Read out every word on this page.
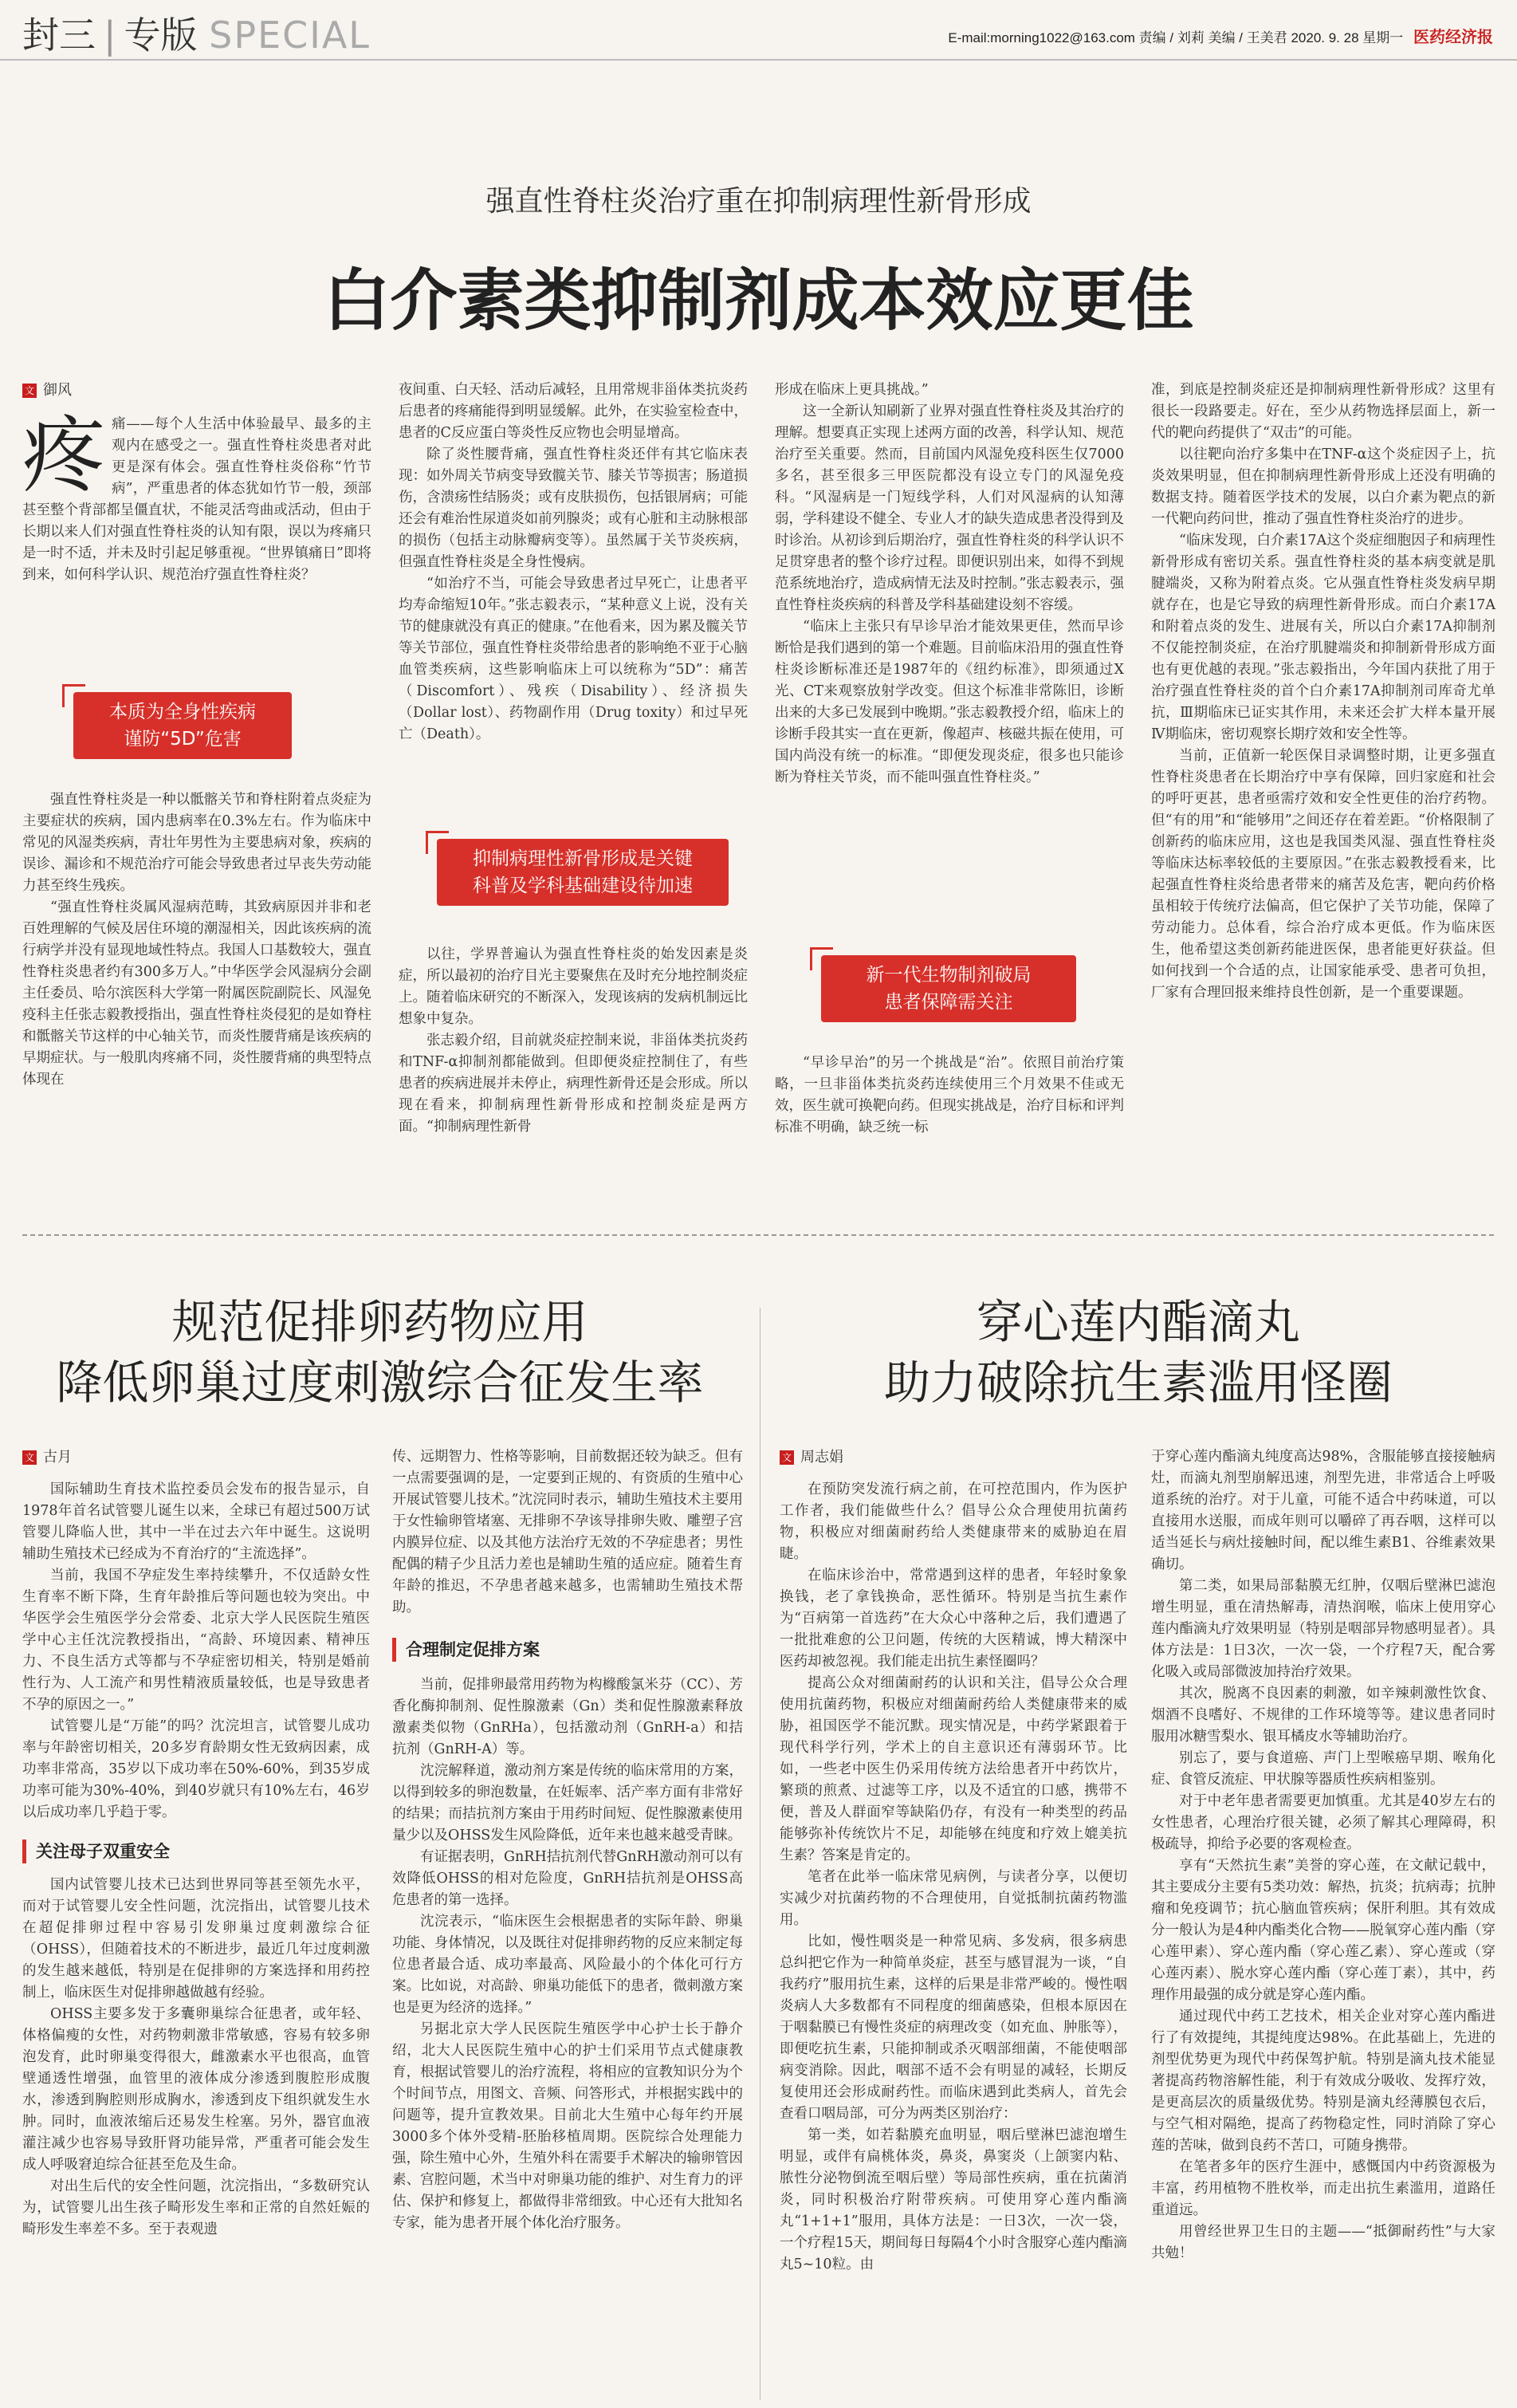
封三 | 专版 SPECIAL	E-mail:morning1022@163.com 责编 / 刘莉 美编 / 王美君 2020. 9. 28 星期一 医药经济报
强直性脊柱炎治疗重在抑制病理性新骨形成
白介素类抑制剂成本效应更佳
文 御风
疼 痛——每个人生活中体验最早、最多的主观内在感受之一。强直性脊柱炎患者对此更是深有体会。强直性脊柱炎俗称“竹节病”，严重患者的体态犹如竹节一般，颈部甚至整个背部都呈僵直状，不能灵活弯曲或活动，但由于长期以来人们对强直性脊柱炎的认知有限，误以为疼痛只是一时不适，并未及时引起足够重视。“世界镇痛日”即将到来，如何科学认识、规范治疗强直性脊柱炎？
本质为全身性疾病
谨防“5D”危害

强直性脊柱炎是一种以骶髂关节和脊柱附着点炎症为主要症状的疾病，国内患病率在0.3%左右。作为临床中常见的风湿类疾病，青壮年男性为主要患病对象，疾病的误诊、漏诊和不规范治疗可能会导致患者过早丧失劳动能力甚至终生残疾。

“强直性脊柱炎属风湿病范畴，其致病原因并非和老百姓理解的气候及居住环境的潮湿相关，因此该疾病的流行病学并没有显现地域性特点。我国人口基数较大，强直性脊柱炎患者约有300多万人。”中华医学会风湿病分会副主任委员、哈尔滨医科大学第一附属医院副院长、风湿免疫科主任张志毅教授指出，强直性脊柱炎侵犯的是如脊柱和骶髂关节这样的中心轴关节，而炎性腰背痛是该疾病的早期症状。与一般肌肉疼痛不同，炎性腰背痛的典型特点体现在

夜间重、白天轻、活动后减轻，且用常规非甾体类抗炎药后患者的疼痛能得到明显缓解。此外，在实验室检查中，患者的C反应蛋白等炎性反应物也会明显增高。

除了炎性腰背痛，强直性脊柱炎还伴有其它临床表现：如外周关节病变导致髋关节、膝关节等损害；肠道损伤，含溃疡性结肠炎；或有皮肤损伤，包括银屑病；可能还会有难治性尿道炎如前列腺炎；或有心脏和主动脉根部的损伤（包括主动脉瓣病变等）。虽然属于关节炎疾病，但强直性脊柱炎是全身性慢病。

“如治疗不当，可能会导致患者过早死亡，让患者平均寿命缩短10年。”张志毅表示，“某种意义上说，没有关节的健康就没有真正的健康。”在他看来，因为累及髋关节等关节部位，强直性脊柱炎带给患者的影响绝不亚于心脑血管类疾病，这些影响临床上可以统称为“5D”：痛苦（Discomfort）、残疾（Disability）、经济损失（Dollar lost）、药物副作用（Drug toxity）和过早死亡（Death）。

抑制病理性新骨形成是关键
科普及学科基础建设待加速

以往，学界普遍认为强直性脊柱炎的始发因素是炎症，所以最初的治疗目光主要聚焦在及时充分地控制炎症上。随着临床研究的不断深入，发现该病的发病机制远比想象中复杂。

张志毅介绍，目前就炎症控制来说，非甾体类抗炎药和TNF-α抑制剂都能做到。但即便炎症控制住了，有些患者的疾病进展并未停止，病理性新骨还是会形成。所以现在看来，抑制病理性新骨形成和控制炎症是两方面。“抑制病理性新骨

形成在临床上更具挑战。”

这一全新认知刷新了业界对强直性脊柱炎及其治疗的理解。想要真正实现上述两方面的改善，科学认知、规范治疗至关重要。然而，目前国内风湿免疫科医生仅7000多名，甚至很多三甲医院都没有设立专门的风湿免疫科。“风湿病是一门短线学科，人们对风湿病的认知薄弱，学科建设不健全、专业人才的缺失造成患者没得到及时诊治。从初诊到后期治疗，强直性脊柱炎的科学认识不足贯穿患者的整个诊疗过程。即便识别出来，如得不到规范系统地治疗，造成病情无法及时控制。”张志毅表示，强直性脊柱炎疾病的科普及学科基础建设刻不容缓。

“临床上主张只有早诊早治才能效果更佳，然而早诊断恰是我们遇到的第一个难题。目前临床沿用的强直性脊柱炎诊断标准还是1987年的《纽约标准》，即须通过X光、CT来观察放射学改变。但这个标准非常陈旧，诊断出来的大多已发展到中晚期。”张志毅教授介绍，临床上的诊断手段其实一直在更新，像超声、核磁共振在使用，可国内尚没有统一的标准。“即便发现炎症，很多也只能诊断为脊柱关节炎，而不能叫强直性脊柱炎。”

新一代生物制剂破局
患者保障需关注

“早诊早治”的另一个挑战是“治”。依照目前治疗策略，一旦非甾体类抗炎药连续使用三个月效果不佳或无效，医生就可换靶向药。但现实挑战是，治疗目标和评判标准不明确，缺乏统一标

准，到底是控制炎症还是抑制病理性新骨形成？这里有很长一段路要走。好在，至少从药物选择层面上，新一代的靶向药提供了“双击”的可能。

以往靶向治疗多集中在TNF-α这个炎症因子上，抗炎效果明显，但在抑制病理性新骨形成上还没有明确的数据支持。随着医学技术的发展，以白介素为靶点的新一代靶向药问世，推动了强直性脊柱炎治疗的进步。

“临床发现，白介素17A这个炎症细胞因子和病理性新骨形成有密切关系。强直性脊柱炎的基本病变就是肌腱端炎，又称为附着点炎。它从强直性脊柱炎发病早期就存在，也是它导致的病理性新骨形成。而白介素17A和附着点炎的发生、进展有关，所以白介素17A抑制剂不仅能控制炎症，在治疗肌腱端炎和抑制新骨形成方面也有更优越的表现。”张志毅指出，今年国内获批了用于治疗强直性脊柱炎的首个白介素17A抑制剂司库奇尤单抗，Ⅲ期临床已证实其作用，未来还会扩大样本量开展Ⅳ期临床，密切观察长期疗效和安全性等。

当前，正值新一轮医保目录调整时期，让更多强直性脊柱炎患者在长期治疗中享有保障，回归家庭和社会的呼吁更甚，患者亟需疗效和安全性更佳的治疗药物。但“有的用”和“能够用”之间还存在着差距。“价格限制了创新药的临床应用，这也是我国类风湿、强直性脊柱炎等临床达标率较低的主要原因。”在张志毅教授看来，比起强直性脊柱炎给患者带来的痛苦及危害，靶向药价格虽相较于传统疗法偏高，但它保护了关节功能，保障了劳动能力。总体看，综合治疗成本更低。作为临床医生，他希望这类创新药能进医保，患者能更好获益。但如何找到一个合适的点，让国家能承受、患者可负担，厂家有合理回报来维持良性创新，是一个重要课题。

规范促排卵药物应用
降低卵巢过度刺激综合征发生率
文 古月

国际辅助生育技术监控委员会发布的报告显示，自1978年首名试管婴儿诞生以来，全球已有超过500万试管婴儿降临人世，其中一半在过去六年中诞生。这说明辅助生殖技术已经成为不育治疗的“主流选择”。

当前，我国不孕症发生率持续攀升，不仅适龄女性生育率不断下降，生育年龄推后等问题也较为突出。中华医学会生殖医学分会常委、北京大学人民医院生殖医学中心主任沈浣教授指出，“高龄、环境因素、精神压力、不良生活方式等都与不孕症密切相关，特别是婚前性行为、人工流产和男性精液质量较低，也是导致患者不孕的原因之一。”

试管婴儿是“万能”的吗？沈浣坦言，试管婴儿成功率与年龄密切相关，20多岁育龄期女性无致病因素，成功率非常高，35岁以下成功率在50%-60%，到35岁成功率可能为30%-40%，到40岁就只有10%左右，46岁以后成功率几乎趋于零。

关注母子双重安全

国内试管婴儿技术已达到世界同等甚至领先水平，而对于试管婴儿安全性问题，沈浣指出，试管婴儿技术在超促排卵过程中容易引发卵巢过度刺激综合征（OHSS），但随着技术的不断进步，最近几年过度刺激的发生越来越低，特别是在促排卵的方案选择和用药控制上，临床医生对促排卵越做越有经验。

OHSS主要多发于多囊卵巢综合征患者，或年轻、体格偏瘦的女性，对药物刺激非常敏感，容易有较多卵泡发育，此时卵巢变得很大，雌激素水平也很高，血管壁通透性增强，血管里的液体成分渗透到腹腔形成腹水，渗透到胸腔则形成胸水，渗透到皮下组织就发生水肿。同时，血液浓缩后还易发生栓塞。另外，器官血液灌注减少也容易导致肝肾功能异常，严重者可能会发生成人呼吸窘迫综合征甚至危及生命。

对出生后代的安全性问题，沈浣指出，“多数研究认为，试管婴儿出生孩子畸形发生率和正常的自然妊娠的畸形发生率差不多。至于表观遗

传、远期智力、性格等影响，目前数据还较为缺乏。但有一点需要强调的是，一定要到正规的、有资质的生殖中心开展试管婴儿技术。”沈浣同时表示，辅助生殖技术主要用于女性输卵管堵塞、无排卵不孕该导排卵失败、雕塑子宫内膜异位症、以及其他方法治疗无效的不孕症患者；男性配偶的精子少且活力差也是辅助生殖的适应症。随着生育年龄的推迟，不孕患者越来越多，也需辅助生殖技术帮助。

合理制定促排方案

当前，促排卵最常用药物为构橼酸氯米芬（CC）、芳香化酶抑制剂、促性腺激素（Gn）类和促性腺激素释放激素类似物（GnRHa），包括激动剂（GnRH-a）和拮抗剂（GnRH-A）等。

沈浣解释道，激动剂方案是传统的临床常用的方案，以得到较多的卵泡数量，在妊娠率、活产率方面有非常好的结果；而拮抗剂方案由于用药时间短、促性腺激素使用量少以及OHSS发生风险降低，近年来也越来越受青睐。

有证据表明，GnRH拮抗剂代替GnRH激动剂可以有效降低OHSS的相对危险度，GnRH拮抗剂是OHSS高危患者的第一选择。

沈浣表示，“临床医生会根据患者的实际年龄、卵巢功能、身体情况，以及既往对促排卵药物的反应来制定每位患者最合适、成功率最高、风险最小的个体化可行方案。比如说，对高龄、卵巢功能低下的患者，微刺激方案也是更为经济的选择。”

另据北京大学人民医院生殖医学中心护士长于静介绍，北大人民医院生殖中心的护士们采用节点式健康教育，根据试管婴儿的治疗流程，将相应的宣教知识分为个个时间节点，用图文、音频、问答形式，并根据实践中的问题等，提升宣教效果。目前北大生殖中心每年约开展3000多个体外受精-胚胎移植周期。医院综合处理能力强，除生殖中心外，生殖外科在需要手术解决的输卵管因素、宫腔问题，术当中对卵巢功能的维护、对生育力的评估、保护和修复上，都做得非常细致。中心还有大批知名专家，能为患者开展个体化治疗服务。

穿心莲内酯滴丸
助力破除抗生素滥用怪圈
文 周志娟

在预防突发流行病之前，在可控范围内，作为医护工作者，我们能做些什么？倡导公众合理使用抗菌药物，积极应对细菌耐药给人类健康带来的威胁迫在眉睫。

在临床诊治中，常常遇到这样的患者，年轻时象象换钱，老了拿钱换命，恶性循环。特别是当抗生素作为“百病第一首选药”在大众心中落种之后，我们遭遇了一批批难愈的公卫问题，传统的大医精诚，博大精深中医药却被忽视。我们能走出抗生素怪圈吗？

提高公众对细菌耐药的认识和关注，倡导公众合理使用抗菌药物，积极应对细菌耐药给人类健康带来的威胁，祖国医学不能沉默。现实情况是，中药学紧跟着于现代科学行列，学术上的自主意识还有薄弱环节。比如，一些老中医生仍采用传统方法给患者开中药饮片，繁琐的煎煮、过滤等工序，以及不适宜的口感，携带不便，普及人群面窄等缺陷仍存，有没有一种类型的药品能够弥补传统饮片不足，却能够在纯度和疗效上媲美抗生素？答案是肯定的。

笔者在此举一临床常见病例，与读者分享，以便切实减少对抗菌药物的不合理使用，自觉抵制抗菌药物滥用。

比如，慢性咽炎是一种常见病、多发病，很多病患总纠把它作为一种简单炎症，甚至与感冒混为一谈，“自我药疗”服用抗生素，这样的后果是非常严峻的。慢性咽炎病人大多数都有不同程度的细菌感染，但根本原因在于咽黏膜已有慢性炎症的病理改变（如充血、肿胀等），即便吃抗生素，只能抑制或杀灭咽部细菌，不能使咽部病变消除。因此，咽部不适不会有明显的减轻，长期反复使用还会形成耐药性。而临床遇到此类病人，首先会查看口咽局部，可分为两类区别治疗：

第一类，如若黏膜充血明显，咽后壁淋巴滤泡增生明显，或伴有扁桃体炎，鼻炎，鼻窦炎（上颌窦内粘、脓性分泌物倒流至咽后壁）等局部性疾病，重在抗菌消炎，同时积极治疗附带疾病。可使用穿心莲内酯滴丸“1+1+1”服用，具体方法是：一日3次，一次一袋，一个疗程15天，期间每日每隔4个小时含服穿心莲内酯滴丸5~10粒。由

于穿心莲内酯滴丸纯度高达98%，含服能够直接接触病灶，而滴丸剂型崩解迅速，剂型先进，非常适合上呼吸道系统的治疗。对于儿童，可能不适合中药味道，可以直接用水送服，而成年则可以嚼碎了再吞咽，这样可以适当延长与病灶接触时间，配以维生素B1、谷维素效果确切。

第二类，如果局部黏膜无红肿，仅咽后壁淋巴滤泡增生明显，重在清热解毒，清热润喉，临床上使用穿心莲内酯滴丸疗效果明显（特别是咽部异物感明显者）。具体方法是：1日3次，一次一袋，一个疗程7天，配合雾化吸入或局部微波加持治疗效果。

其次，脱离不良因素的刺激，如辛辣刺激性饮食、烟酒不良嗜好、不规律的工作环境等等。建议患者同时服用冰糖雪梨水、银耳橘皮水等辅助治疗。

别忘了，要与食道癌、声门上型喉癌早期、喉角化症、食管反流症、甲状腺等器质性疾病相鉴别。

对于中老年患者需要更加慎重。尤其是40岁左右的女性患者，心理治疗很关键，必须了解其心理障碍，积极疏导，抑给予必要的客观检查。

享有“天然抗生素”美誉的穿心莲，在文献记载中，其主要成分主要有5类功效：解热，抗炎；抗病毒；抗肿瘤和免疫调节；抗心脑血管疾病；保肝利胆。其有效成分一般认为是4种内酯类化合物——脱氧穿心莲内酯（穿心莲甲素）、穿心莲内酯（穿心莲乙素）、穿心莲或（穿心莲丙素）、脱水穿心莲内酯（穿心莲丁素），其中，药理作用最强的成分就是穿心莲内酯。

通过现代中药工艺技术，相关企业对穿心莲内酯进行了有效提纯，其提纯度达98%。在此基础上，先进的剂型优势更为现代中药保驾护航。特别是滴丸技术能显著提高药物溶解性能，利于有效成分吸收、发挥疗效，是更高层次的质量级优势。特别是滴丸经薄膜包衣后，与空气相对隔绝，提高了药物稳定性，同时消除了穿心莲的苦味，做到良药不苦口，可随身携带。

在笔者多年的医疗生涯中，感慨国内中药资源极为丰富，药用植物不胜枚举，而走出抗生素滥用，道路任重道远。

用曾经世界卫生日的主题——“抵御耐药性”与大家共勉！
